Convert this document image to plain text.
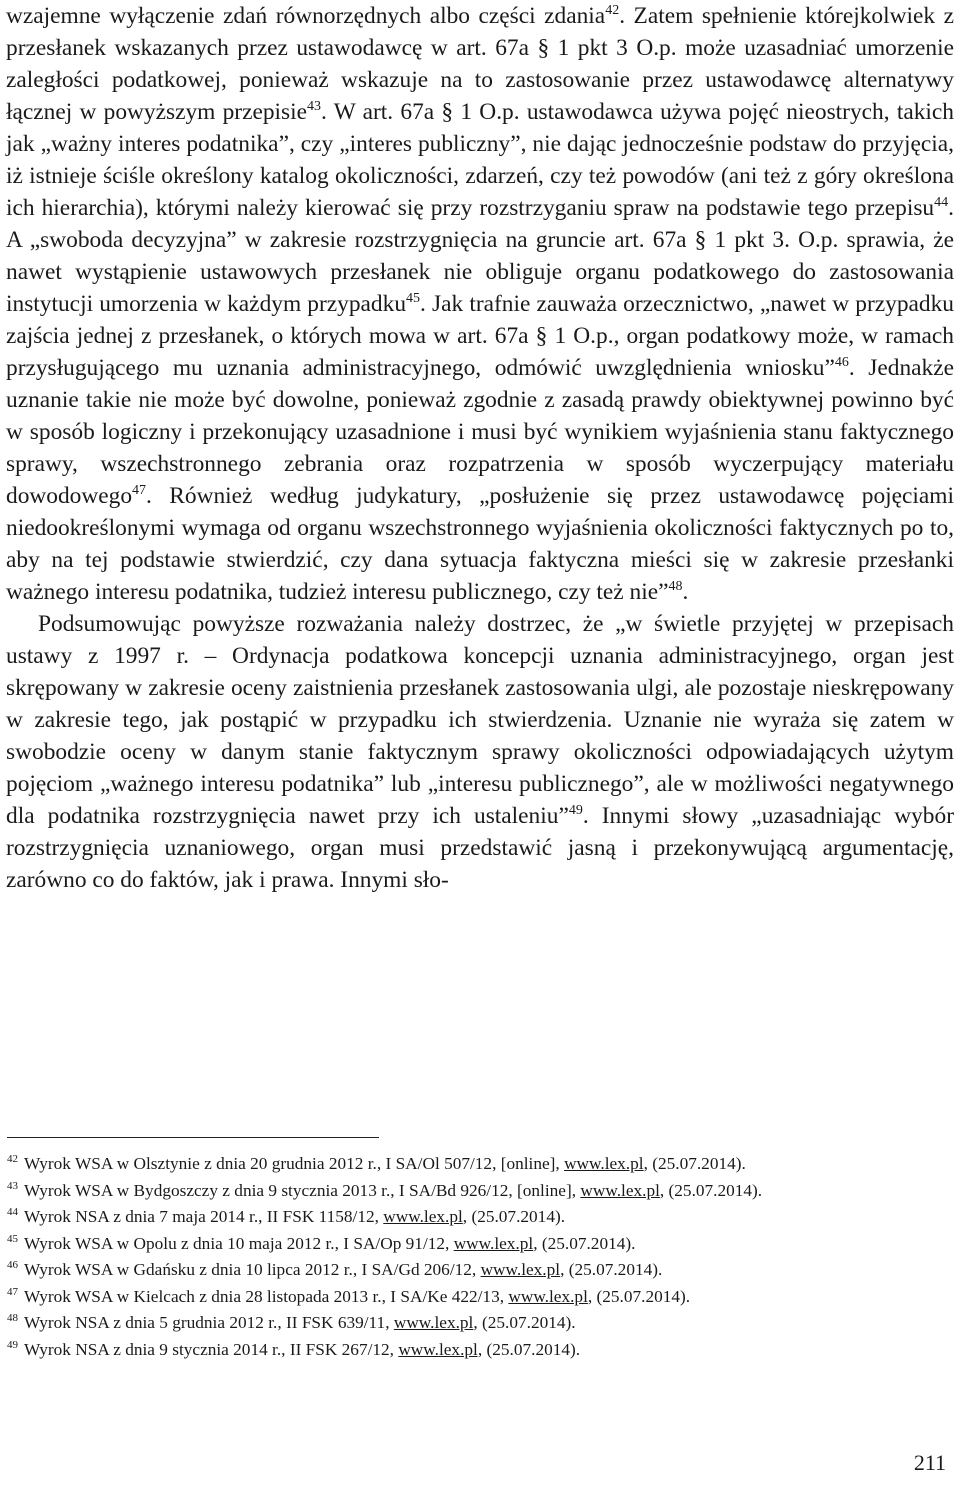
wzajemne wyłączenie zdań równorzędnych albo części zdania$^{42}$. Zatem spełnienie którejkolwiek z przesłanek wskazanych przez ustawodawcę w art. 67a § 1 pkt 3 O.p. może uzasadniać umorzenie zaległości podatkowej, ponieważ wskazuje na to zastosowanie przez ustawodawcę alternatywy łącznej w powyższym przepisie$^{43}$. W art. 67a § 1 O.p. ustawodawca używa pojęć nieostrych, takich jak „ważny interes podatnika”, czy „interes publiczny”, nie dając jednocześnie podstaw do przyjęcia, iż istnieje ściśle określony katalog okoliczności, zdarzeń, czy też powodów (ani też z góry określona ich hierarchia), którymi należy kierować się przy rozstrzyganiu spraw na podstawie tego przepisu$^{44}$. A „swoboda decyzyjna” w zakresie rozstrzygnięcia na gruncie art. 67a § 1 pkt 3. O.p. sprawia, że nawet wystąpienie ustawowych przesłanek nie obliguje organu podatkowego do zastosowania instytucji umorzenia w każdym przypadku$^{45}$. Jak trafnie zauważa orzecznictwo, „nawet w przypadku zajścia jednej z przesłanek, o których mowa w art. 67a § 1 O.p., organ podatkowy może, w ramach przysługującego mu uznania administracyjnego, odmówić uwzględnienia wniosku”$^{46}$. Jednakże uznanie takie nie może być dowolne, ponieważ zgodnie z zasadą prawdy obiektywnej powinno być w sposób logiczny i przekonujący uzasadnione i musi być wynikiem wyjaśnienia stanu faktycznego sprawy, wszechstronnego zebrania oraz rozpatrzenia w sposób wyczerpujący materiału dowodowego$^{47}$. Również według judykatury, „posłużenie się przez ustawodawcę pojęciami niedookreślonymi wymaga od organu wszechstronnego wyjaśnienia okoliczności faktycznych po to, aby na tej podstawie stwierdzić, czy dana sytuacja faktyczna mieści się w zakresie przesłanki ważnego interesu podatnika, tudzież interesu publicznego, czy też nie”$^{48}$.

Podsumowując powyższe rozważania należy dostrzec, że „w świetle przyjętej w przepisach ustawy z 1997 r. – Ordynacja podatkowa koncepcji uznania administracyjnego, organ jest skrępowany w zakresie oceny zaistnienia przesłanek zastosowania ulgi, ale pozostaje nieskrępowany w zakresie tego, jak postąpić w przypadku ich stwierdzenia. Uznanie nie wyraża się zatem w swobodzie oceny w danym stanie faktycznym sprawy okoliczności odpowiadających użytym pojęciom „ważnego interesu podatnika” lub „interesu publicznego”, ale w możliwości negatywnego dla podatnika rozstrzygnięcia nawet przy ich ustaleniu”$^{49}$. Innymi słowy „uzasadniając wybór rozstrzygnięcia uznaniowego, organ musi przedstawić jasną i przekonywującą argumentację, zarówno co do faktów, jak i prawa. Innymi sło-

$^{42}$ Wyrok WSA w Olsztynie z dnia 20 grudnia 2012 r., I SA/Ol 507/12, [online], www.lex.pl, (25.07.2014).
$^{43}$ Wyrok WSA w Bydgoszczy z dnia 9 stycznia 2013 r., I SA/Bd 926/12, [online], www.lex.pl, (25.07.2014).
$^{44}$ Wyrok NSA z dnia 7 maja 2014 r., II FSK 1158/12, www.lex.pl, (25.07.2014).
$^{45}$ Wyrok WSA w Opolu z dnia 10 maja 2012 r., I SA/Op 91/12, www.lex.pl, (25.07.2014).
$^{46}$ Wyrok WSA w Gdańsku z dnia 10 lipca 2012 r., I SA/Gd 206/12, www.lex.pl, (25.07.2014).
$^{47}$ Wyrok WSA w Kielcach z dnia 28 listopada 2013 r., I SA/Ke 422/13, www.lex.pl, (25.07.2014).
$^{48}$ Wyrok NSA z dnia 5 grudnia 2012 r., II FSK 639/11, www.lex.pl, (25.07.2014).
$^{49}$ Wyrok NSA z dnia 9 stycznia 2014 r., II FSK 267/12, www.lex.pl, (25.07.2014).
211
